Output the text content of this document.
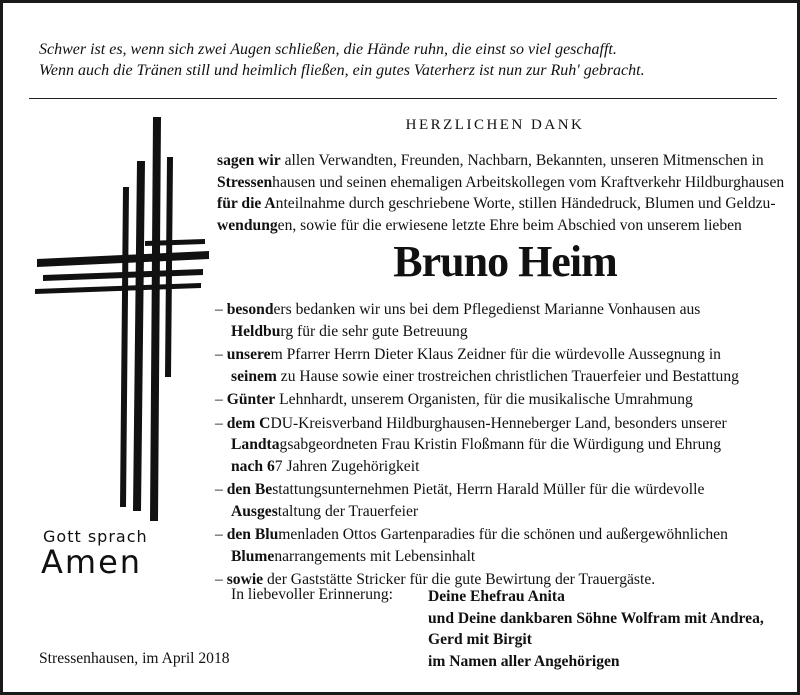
Schwer ist es, wenn sich zwei Augen schließen, die Hände ruhn, die einst so viel geschafft.
Wenn auch die Tränen still und heimlich fließen, ein gutes Vaterherz ist nun zur Ruh' gebracht.
Gott sprach
Amen
HERZLICHEN DANK
sagen wir allen Verwandten, Freunden, Nachbarn, Bekannten, unseren Mitmenschen in
Stressenhausen und seinen ehemaligen Arbeitskollegen vom Kraftverkehr Hildburghausen
für die Anteilnahme durch geschriebene Worte, stillen Händedruck, Blumen und Geldzu-
wendungen, sowie für die erwiesene letzte Ehre beim Abschied von unserem lieben
Bruno Heim
– besonders bedanken wir uns bei dem Pflegedienst Marianne Vonhausen aus
Heldburg für die sehr gute Betreuung
– unserem Pfarrer Herrn Dieter Klaus Zeidner für die würdevolle Aussegnung in
seinem zu Hause sowie einer trostreichen christlichen Trauerfeier und Bestattung
– Günter Lehnhardt, unserem Organisten, für die musikalische Umrahmung
– dem CDU-Kreisverband Hildburghausen-Henneberger Land, besonders unserer
Landtagsabgeordneten Frau Kristin Floßmann für die Würdigung und Ehrung
nach 67 Jahren Zugehörigkeit
– den Bestattungsunternehmen Pietät, Herrn Harald Müller für die würdevolle
Ausgestaltung der Trauerfeier
– den Blumenladen Ottos Gartenparadies für die schönen und außergewöhnlichen
Blumenarrangements mit Lebensinhalt
– sowie der Gaststätte Stricker für die gute Bewirtung der Trauergäste.
In liebevoller Erinnerung: Deine Ehefrau Anita
und Deine dankbaren Söhne Wolfram mit Andrea,
Gerd mit Birgit
im Namen aller Angehörigen
Stressenhausen, im April 2018
